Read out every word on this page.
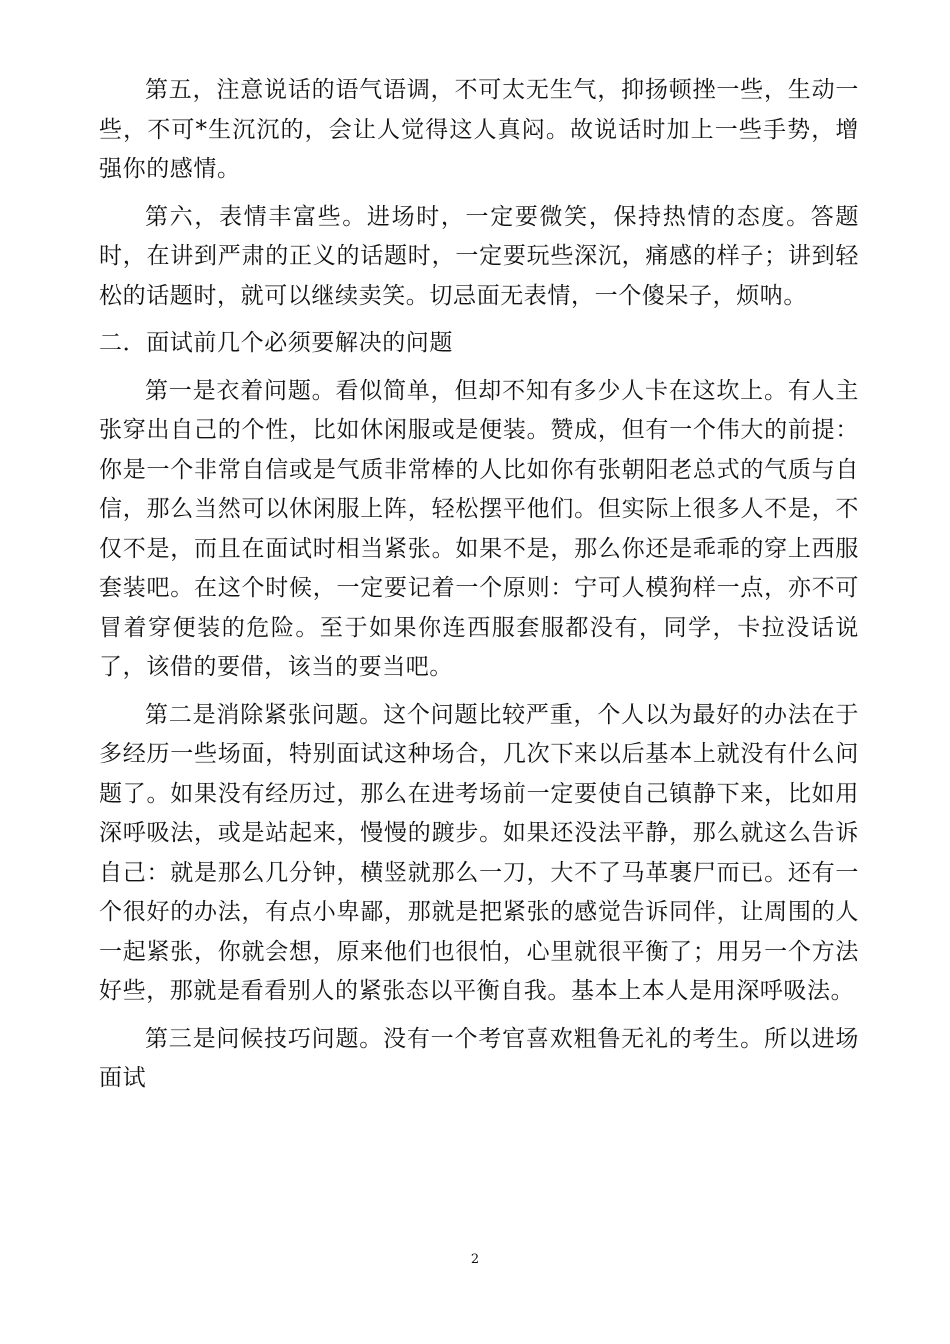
第五，注意说话的语气语调，不可太无生气，抑扬顿挫一些，生动一些，不可*生沉沉的，会让人觉得这人真闷。故说话时加上一些手势，增强你的感情。

第六，表情丰富些。进场时，一定要微笑，保持热情的态度。答题时，在讲到严肃的正义的话题时，一定要玩些深沉，痛感的样子；讲到轻松的话题时，就可以继续卖笑。切忌面无表情，一个傻呆子，烦呐。

二．面试前几个必须要解决的问题

第一是衣着问题。看似简单，但却不知有多少人卡在这坎上。有人主张穿出自己的个性，比如休闲服或是便装。赞成，但有一个伟大的前提：你是一个非常自信或是气质非常棒的人比如你有张朝阳老总式的气质与自信，那么当然可以休闲服上阵，轻松摆平他们。但实际上很多人不是，不仅不是，而且在面试时相当紧张。如果不是，那么你还是乖乖的穿上西服套装吧。在这个时候，一定要记着一个原则：宁可人模狗样一点，亦不可冒着穿便装的危险。至于如果你连西服套服都没有，同学，卡拉没话说了，该借的要借，该当的要当吧。

第二是消除紧张问题。这个问题比较严重，个人以为最好的办法在于多经历一些场面，特别面试这种场合，几次下来以后基本上就没有什么问题了。如果没有经历过，那么在进考场前一定要使自己镇静下来，比如用深呼吸法，或是站起来，慢慢的踱步。如果还没法平静，那么就这么告诉自己：就是那么几分钟，横竖就那么一刀，大不了马革裹尸而已。还有一个很好的办法，有点小卑鄙，那就是把紧张的感觉告诉同伴，让周围的人一起紧张，你就会想，原来他们也很怕，心里就很平衡了；用另一个方法好些，那就是看看别人的紧张态以平衡自我。基本上本人是用深呼吸法。

第三是问候技巧问题。没有一个考官喜欢粗鲁无礼的考生。所以进场面试

2
